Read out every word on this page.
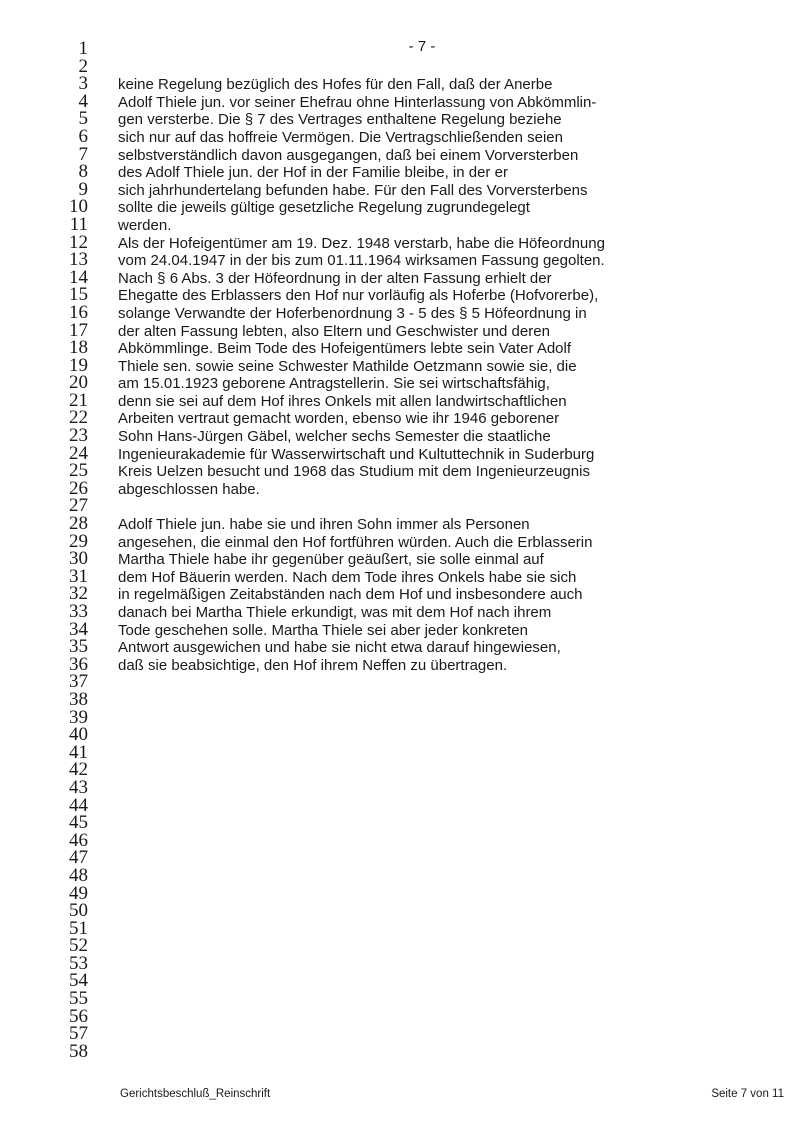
- 7 -
1
2
3 keine Regelung bezüglich des Hofes für den Fall, daß der Anerbe
4 Adolf Thiele jun. vor seiner Ehefrau ohne Hinterlassung von Abkömmlin-
5 gen versterbe. Die § 7 des Vertrages enthaltene Regelung beziehe
6 sich nur auf das hoffreie Vermögen. Die Vertragschließenden seien
7 selbstverständlich davon ausgegangen, daß bei einem Vorversterben
8 des Adolf Thiele jun. der Hof in der Familie bleibe, in der er
9 sich jahrhundertelang befunden habe. Für den Fall des Vorversterbens
10 sollte die jeweils gültige gesetzliche Regelung zugrundegelegt
11 werden.
12 Als der Hofeigentümer am 19. Dez. 1948 verstarb, habe die Höfeordnung
13 vom 24.04.1947 in der bis zum 01.11.1964 wirksamen Fassung gegolten.
14 Nach § 6 Abs. 3 der Höfeordnung in der alten Fassung erhielt der
15 Ehegatte des Erblassers den Hof nur vorläufig als Hoferbe (Hofvorerbe),
16 solange Verwandte der Hoferbenordnung 3 - 5 des § 5 Höfeordnung in
17 der alten Fassung lebten, also Eltern und Geschwister und deren
18 Abkömmlinge. Beim Tode des Hofeigentümers lebte sein Vater Adolf
19 Thiele sen. sowie seine Schwester Mathilde Oetzmann sowie sie, die
20 am 15.01.1923 geborene Antragstellerin. Sie sei wirtschaftsfähig,
21 denn sie sei auf dem Hof ihres Onkels mit allen landwirtschaftlichen
22 Arbeiten vertraut gemacht worden, ebenso wie ihr 1946 geborener
23 Sohn Hans-Jürgen Gäbel, welcher sechs Semester die staatliche
24 Ingenieurakademie für Wasserwirtschaft und Kultuttechnik in Suderburg
25 Kreis Uelzen besucht und 1968 das Studium mit dem Ingenieurzeugnis
26 abgeschlossen habe.
27
28 Adolf Thiele jun. habe sie und ihren Sohn immer als Personen
29 angesehen, die einmal den Hof fortführen würden. Auch die Erblasserin
30 Martha Thiele habe ihr gegenüber geäußert, sie solle einmal auf
31 dem Hof Bäuerin werden. Nach dem Tode ihres Onkels habe sie sich
32 in regelmäßigen Zeitabständen nach dem Hof und insbesondere auch
33 danach bei Martha Thiele erkundigt, was mit dem Hof nach ihrem
34 Tode geschehen solle. Martha Thiele sei aber jeder konkreten
35 Antwort ausgewichen und habe sie nicht etwa darauf hingewiesen,
36 daß sie beabsichtige, den Hof ihrem Neffen zu übertragen.
37
38
39
40
41
42
43
44
45
46
47
48
49
50
51
52
53
54
55
56
57
58
Gerichtsbeschluß_Reinschrift	Seite 7 von 11
